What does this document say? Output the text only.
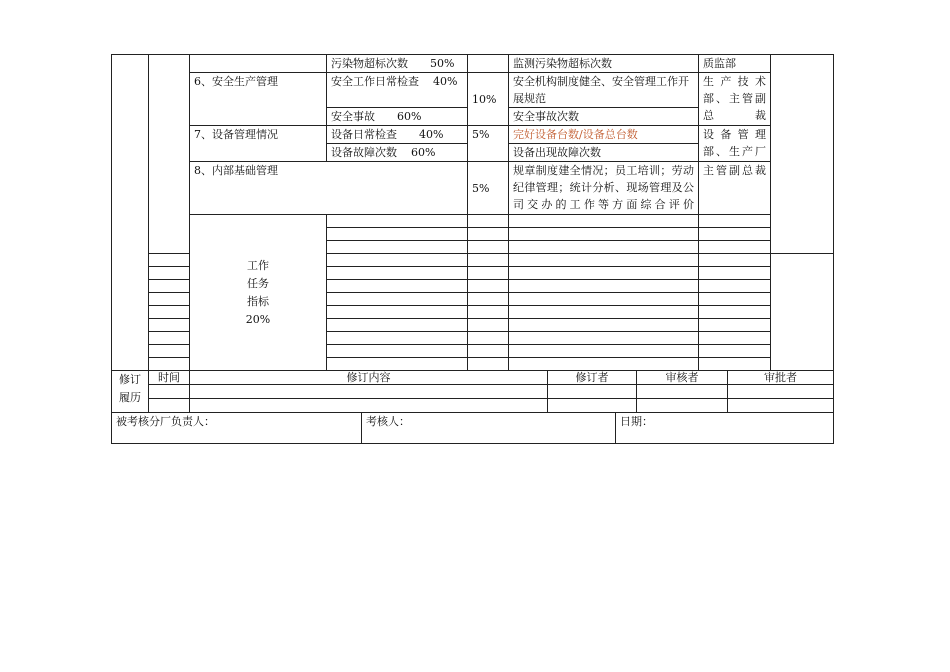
			污染物超标次数 50%		监测污染物超标次数	质监部		
		6、安全生产管理	安全工作日常检查 40%	10%	安全机构制度健全、安全管理工作开展规范	生产技术部、主管副总裁		
			安全事故 60%		安全事故次数			
		7、设备管理情况	设备日常检查 40%	5%	完好设备台数/设备总台数	设备管理部、生产厂		
			设备故障次数 60%		设备出现故障次数			
		8、内部基础管理		5%	规章制度建全情况；员工培训；劳动纪律管理；统计分析、现场管理及公司交办的工作等方面综合评价	主管副总裁		

		工作
任务
指标
20%

修订
履历	时间	修订内容	修订者	审核者	审批者

被考核分厂负责人：	考核人：	日期：
